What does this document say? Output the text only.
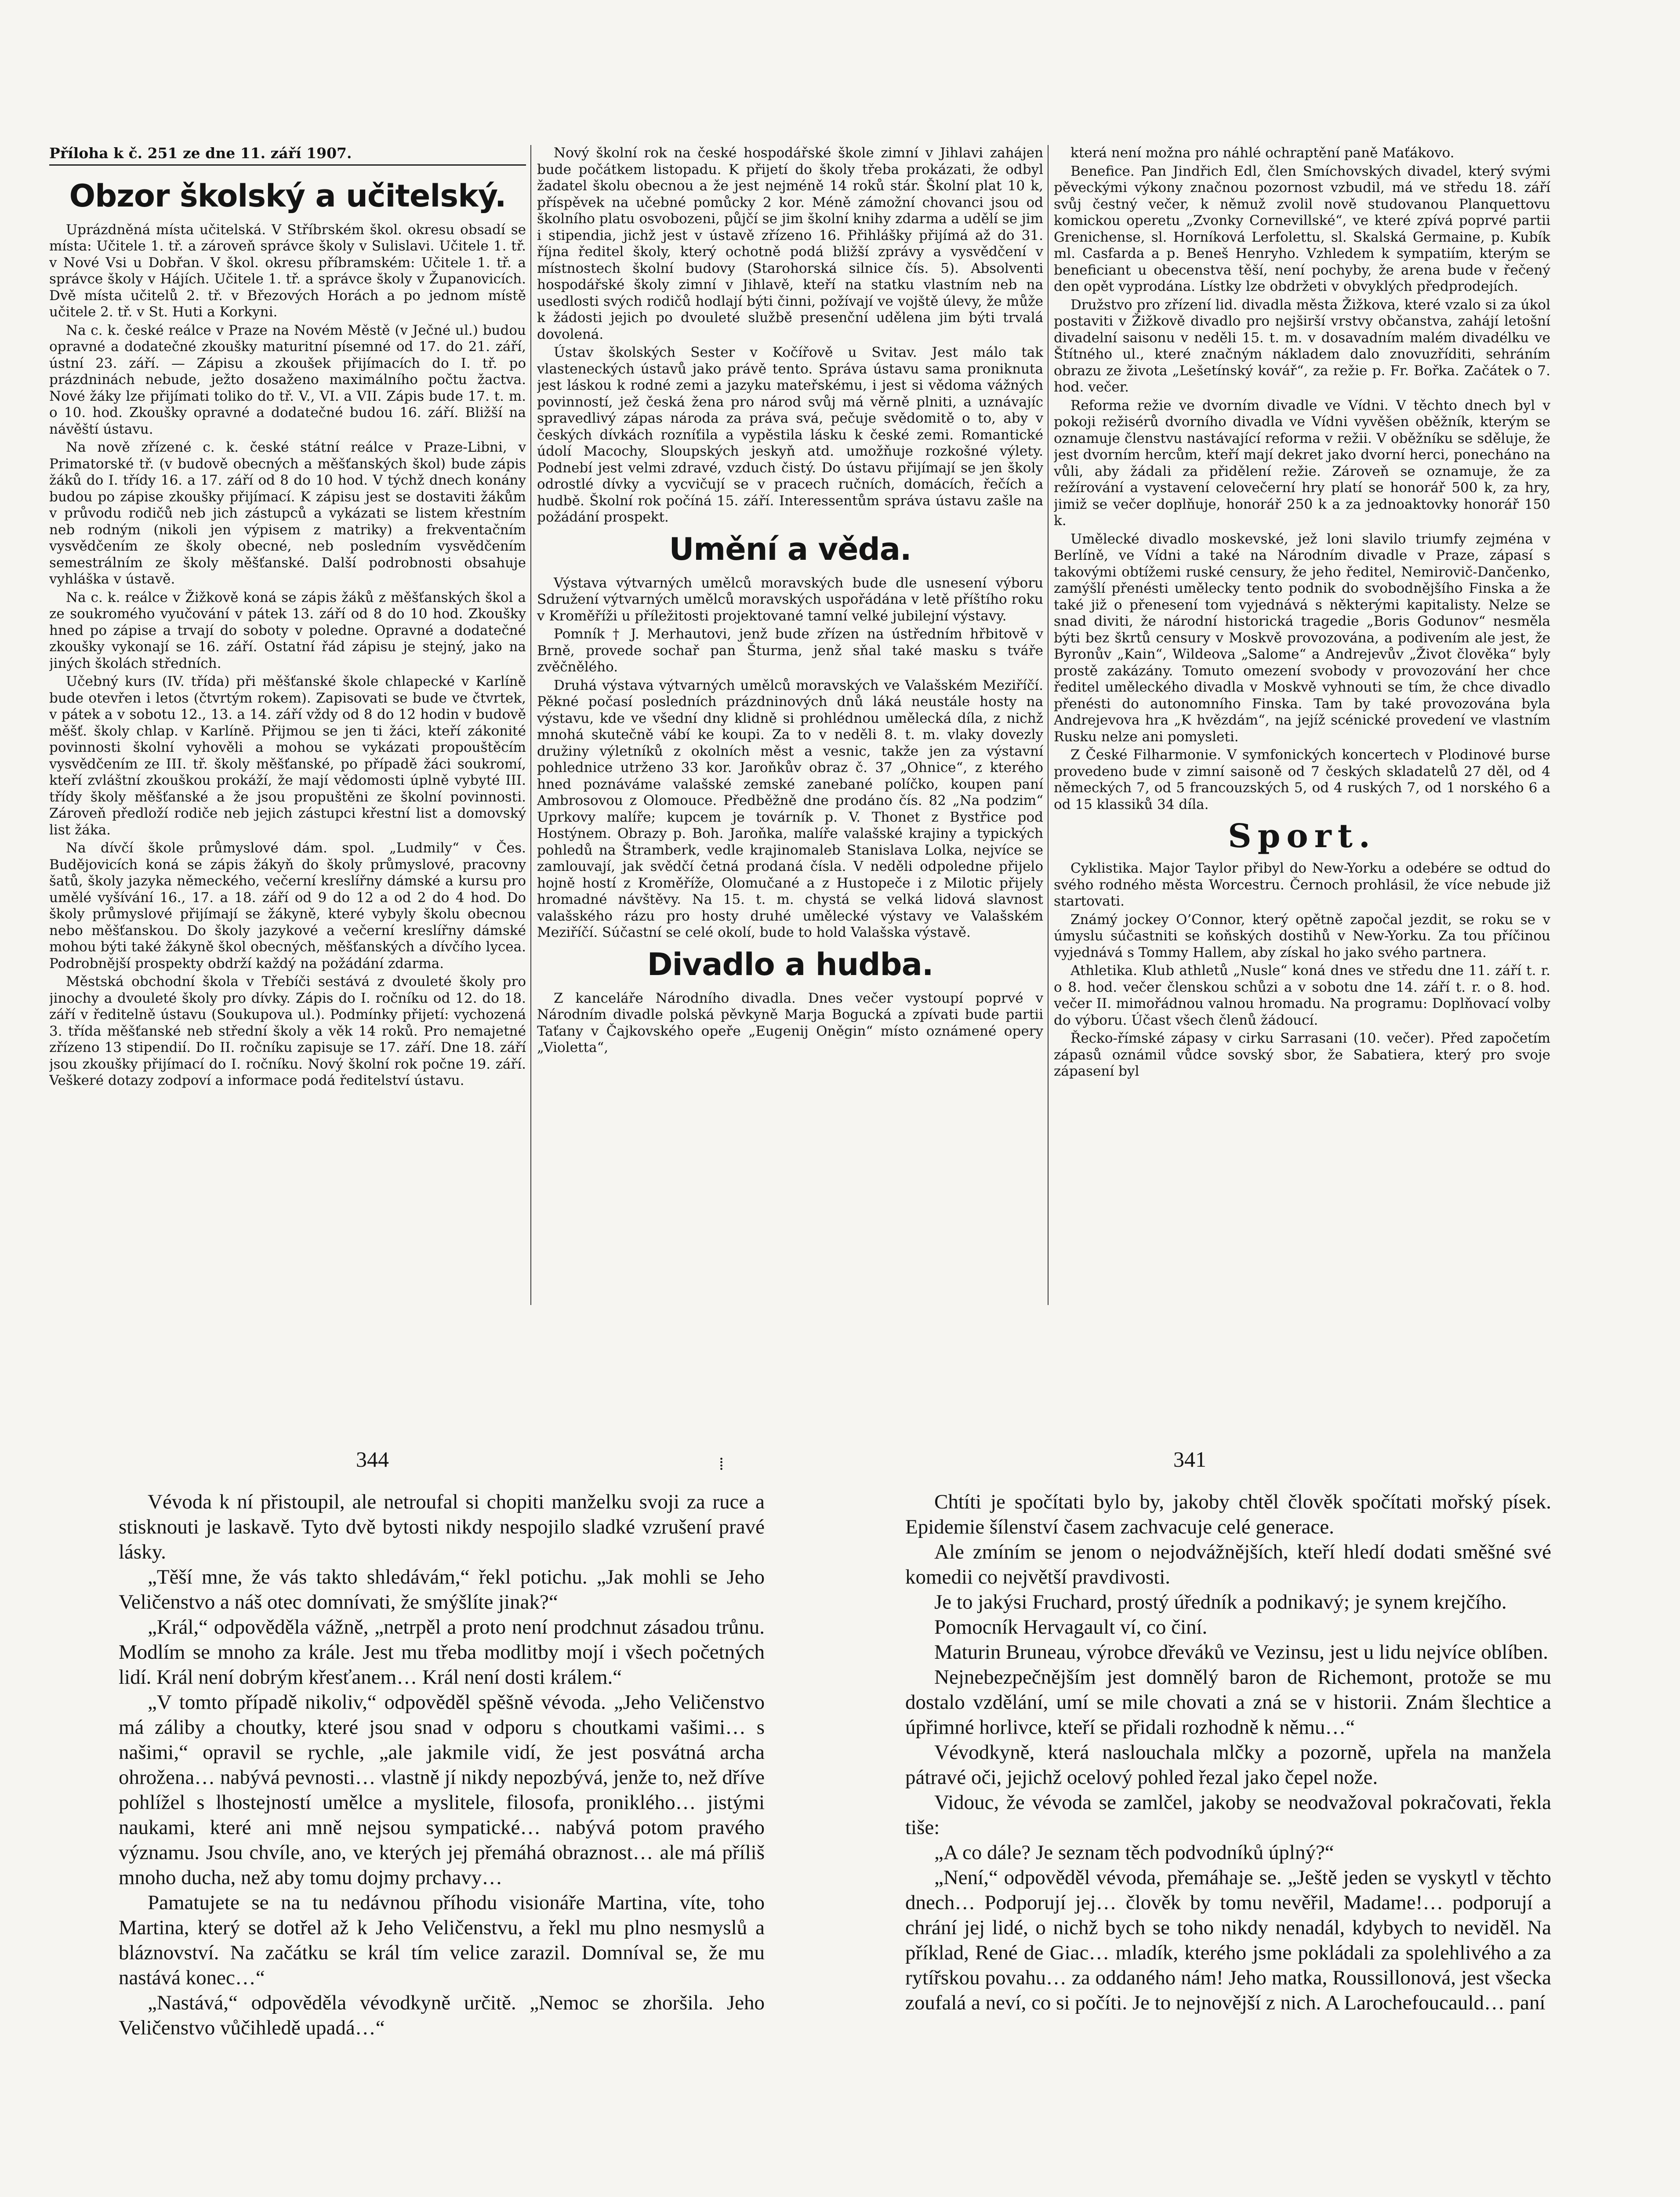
Příloha k č. 251 ze dne 11. září 1907.
Obzor školský a učitelský.

Uprázdněná místa učitelská. V Stříbrském škol. okresu obsadí se místa: Učitele 1. tř. a zároveň správce školy v Sulislavi. Učitele 1. tř. v Nové Vsi u Dobřan. V škol. okresu příbramském: Učitele 1. tř. a správce školy v Hájích. Učitele 1. tř. a správce školy v Županovicích. Dvě místa učitelů 2. tř. v Březových Horách a po jednom místě učitele 2. tř. v St. Huti a Korkyni.

Na c. k. české reálce v Praze na Novém Městě (v Ječné ul.) budou opravné a dodatečné zkoušky maturitní písemné od 17. do 21. září, ústní 23. září. — Zápisu a zkoušek přijímacích do I. tř. po prázdninách nebude, ježto dosaženo maximálního počtu žactva. Nové žáky lze přijímati toliko do tř. V., VI. a VII. Zápis bude 17. t. m. o 10. hod. Zkoušky opravné a dodatečné budou 16. září. Bližší na návěští ústavu.

Na nově zřízené c. k. české státní reálce v Praze-Libni, v Primatorské tř. (v budově obecných a měšťanských škol) bude zápis žáků do I. třídy 16. a 17. září od 8 do 10 hod. V týchž dnech konány budou po zápise zkoušky přijímací. K zápisu jest se dostaviti žákům v průvodu rodičů neb jich zástupců a vykázati se listem křestním neb rodným (nikoli jen výpisem z matriky) a frekventačním vysvědčením ze školy obecné, neb posledním vysvědčením semestrálním ze školy měšťanské. Další podrobnosti obsahuje vyhláška v ústavě.

Na c. k. reálce v Žižkově koná se zápis žáků z měšťanských škol a ze soukromého vyučování v pátek 13. září od 8 do 10 hod. Zkoušky hned po zápise a trvají do soboty v poledne. Opravné a dodatečné zkoušky vykonají se 16. září. Ostatní řád zápisu je stejný, jako na jiných školách středních.

Učebný kurs (IV. třída) při měšťanské škole chlapecké v Karlíně bude otevřen i letos (čtvrtým rokem). Zapisovati se bude ve čtvrtek, v pátek a v sobotu 12., 13. a 14. září vždy od 8 do 12 hodin v budově měšť. školy chlap. v Karlíně. Přijmou se jen ti žáci, kteří zákonité povinnosti školní vyhověli a mohou se vykázati propouštěcím vysvědčením ze III. tř. školy měšťanské, po případě žáci soukromí, kteří zvláštní zkouškou prokáží, že mají vědomosti úplně vybyté III. třídy školy měšťanské a že jsou propuštěni ze školní povinnosti. Zároveň předloží rodiče neb jejich zástupci křestní list a domovský list žáka.

Na dívčí škole průmyslové dám. spol. „Ludmily“ v Čes. Budějovicích koná se zápis žákyň do školy průmyslové, pracovny šatů, školy jazyka německého, večerní kreslířny dámské a kursu pro umělé vyšívání 16., 17. a 18. září od 9 do 12 a od 2 do 4 hod. Do školy průmyslové přijímají se žákyně, které vybyly školu obecnou nebo měšťanskou. Do školy jazykové a večerní kreslířny dámské mohou býti také žákyně škol obecných, měšťanských a dívčího lycea. Podrobnější prospekty obdrží každý na požádání zdarma.

Městská obchodní škola v Třebíči sestává z dvouleté školy pro jinochy a dvouleté školy pro dívky. Zápis do I. ročníku od 12. do 18. září v ředitelně ústavu (Soukupova ul.). Podmínky přijetí: vychozená 3. třída měšťanské neb střední školy a věk 14 roků. Pro nemajetné zřízeno 13 stipendií. Do II. ročníku zapisuje se 17. září. Dne 18. září jsou zkoušky přijímací do I. ročníku. Nový školní rok počne 19. září. Veškeré dotazy zodpoví a informace podá ředitelství ústavu.

Nový školní rok na české hospodářské škole zimní v Jihlavi zahájen bude počátkem listopadu. K přijetí do školy třeba prokázati, že odbyl žadatel školu obecnou a že jest nejméně 14 roků stár. Školní plat 10 k, příspěvek na učebné pomůcky 2 kor. Méně zámožní chovanci jsou od školního platu osvobozeni, půjčí se jim školní knihy zdarma a udělí se jim i stipendia, jichž jest v ústavě zřízeno 16. Přihlášky přijímá až do 31. října ředitel školy, který ochotně podá bližší zprávy a vysvědčení v místnostech školní budovy (Starohorská silnice čís. 5). Absolventi hospodářské školy zimní v Jihlavě, kteří na statku vlastním neb na usedlosti svých rodičů hodlají býti činni, požívají ve vojště úlevy, že může k žádosti jejich po dvouleté službě presenční udělena jim býti trvalá dovolená.

Ústav školských Sester v Kočířově u Svitav. Jest málo tak vlasteneckých ústavů jako právě tento. Správa ústavu sama proniknuta jest láskou k rodné zemi a jazyku mateřskému, i jest si vědoma vážných povinností, jež česká žena pro národ svůj má věrně plniti, a uznávajíc spravedlivý zápas národa za práva svá, pečuje svědomitě o to, aby v českých dívkách rozníťila a vypěstila lásku k české zemi. Romantické údolí Macochy, Sloupských jeskyň atd. umožňuje rozkošné výlety. Podnebí jest velmi zdravé, vzduch čistý. Do ústavu přijímají se jen školy odrostlé dívky a vycvičují se v pracech ručních, domácích, řečích a hudbě. Školní rok počíná 15. září. Interessentům správa ústavu zašle na požádání prospekt.

Umění a věda.

Výstava výtvarných umělců moravských bude dle usnesení výboru Sdružení výtvarných umělců moravských uspořádána v letě příštího roku v Kroměříži u příležitosti projektované tamní velké jubilejní výstavy.

Pomník † J. Merhautovi, jenž bude zřízen na ústředním hřbitově v Brně, provede sochař pan Šturma, jenž sňal také masku s tváře zvěčnělého.

Druhá výstava výtvarných umělců moravských ve Valašském Meziříčí. Pěkné počasí posledních prázdninových dnů láká neustále hosty na výstavu, kde ve všední dny klidně si prohlédnou umělecká díla, z nichž mnohá skutečně vábí ke koupi. Za to v neděli 8. t. m. vlaky dovezly družiny výletníků z okolních měst a vesnic, takže jen za výstavní pohlednice utrženo 33 kor. Jaroňkův obraz č. 37 „Ohnice“, z kterého hned poznáváme valašské zemské zanebané políčko, koupen paní Ambrosovou z Olomouce. Předběžně dne prodáno čís. 82 „Na podzim“ Uprkovy malíře; kupcem je továrník p. V. Thonet z Bystřice pod Hostýnem. Obrazy p. Boh. Jaroňka, malíře valašské krajiny a typických pohledů na Štramberk, vedle krajinomaleb Stanislava Lolka, nejvíce se zamlouvají, jak svědčí četná prodaná čísla. V neděli odpoledne přijelo hojně hostí z Kroměříže, Olomučané a z Hustopeče i z Milotic přijely hromadné návštěvy. Na 15. t. m. chystá se velká lidová slavnost valašského rázu pro hosty druhé umělecké výstavy ve Valašském Meziříčí. Súčastní se celé okolí, bude to hold Valašska výstavě.

Divadlo a hudba.

Z kanceláře Národního divadla. Dnes večer vystoupí poprvé v Národním divadle polská pěvkyně Marja Bogucká a zpívati bude partii Taťany v Čajkovského opeře „Eugenij Oněgin“ místo oznámené opery „Violetta“,

která není možna pro náhlé ochraptění paně Maťákovo.

Benefice. Pan Jindřich Edl, člen Smíchovských divadel, který svými pěveckými výkony značnou pozornost vzbudil, má ve středu 18. září svůj čestný večer, k němuž zvolil nově studovanou Planquettovu komickou operetu „Zvonky Cornevillské“, ve které zpívá poprvé partii Grenichense, sl. Horníková Lerfolettu, sl. Skalská Germaine, p. Kubík ml. Casfarda a p. Beneš Henryho. Vzhledem k sympatiím, kterým se beneficiant u obecenstva těší, není pochyby, že arena bude v řečený den opět vyprodána. Lístky lze obdržeti v obvyklých předprodejích.

Družstvo pro zřízení lid. divadla města Žižkova, které vzalo si za úkol postaviti v Žižkově divadlo pro nejširší vrstvy občanstva, zahájí letošní divadelní saisonu v neděli 15. t. m. v dosavadním malém divadélku ve Štítného ul., které značným nákladem dalo znovuzříditi, sehráním obrazu ze života „Lešetínský kovář“, za režie p. Fr. Bořka. Začátek o 7. hod. večer.

Reforma režie ve dvorním divadle ve Vídni. V těchto dnech byl v pokoji režisérů dvorního divadla ve Vídni vyvěšen oběžník, kterým se oznamuje členstvu nastávající reforma v režii. V oběžníku se sděluje, že jest dvorním hercům, kteří mají dekret jako dvorní herci, ponecháno na vůli, aby žádali za přidělení režie. Zároveň se oznamuje, že za režírování a vystavení celovečerní hry platí se honorář 500 k, za hry, jimiž se večer doplňuje, honorář 250 k a za jednoaktovky honorář 150 k.

Umělecké divadlo moskevské, jež loni slavilo triumfy zejména v Berlíně, ve Vídni a také na Národním divadle v Praze, zápasí s takovými obtížemi ruské censury, že jeho ředitel, Nemirovič-Dančenko, zamýšlí přenésti umělecky tento podnik do svobodnějšího Finska a že také již o přenesení tom vyjednává s některými kapitalisty. Nelze se snad diviti, že národní historická tragedie „Boris Godunov“ nesměla býti bez škrtů censury v Moskvě provozována, a podivením ale jest, že Byronův „Kain“, Wildeova „Salome“ a Andrejevův „Život člověka“ byly prostě zakázány. Tomuto omezení svobody v provozování her chce ředitel uměleckého divadla v Moskvě vyhnouti se tím, že chce divadlo přenésti do autonomního Finska. Tam by také provozována byla Andrejevova hra „K hvězdám“, na jejíž scénické provedení ve vlastním Rusku nelze ani pomysleti.

Z České Filharmonie. V symfonických koncertech v Plodinové burse provedeno bude v zimní saisoně od 7 českých skladatelů 27 děl, od 4 německých 7, od 5 francouzských 5, od 4 ruských 7, od 1 norského 6 a od 15 klassiků 34 díla.

Sport.

Cyklistika. Major Taylor přibyl do New-Yorku a odebére se odtud do svého rodného města Worcestru. Černoch prohlásil, že více nebude již startovati.

Známý jockey O’Connor, který opětně započal jezdit, se roku se v úmyslu súčastniti se koňských dostihů v New-Yorku. Za tou příčinou vyjednává s Tommy Hallem, aby získal ho jako svého partnera.

Athletika. Klub athletů „Nusle“ koná dnes ve středu dne 11. září t. r. o 8. hod. večer členskou schůzi a v sobotu dne 14. září t. r. o 8. hod. večer II. mimořádnou valnou hromadu. Na programu: Doplňovací volby do výboru. Účast všech členů žádoucí.

Řecko-římské zápasy v cirku Sarrasani (10. večer). Před započetím zápasů oznámil vůdce sovský sbor, že Sabatiera, který pro svoje zápasení byl

344	⁞	341

Vévoda k ní přistoupil, ale netroufal si chopiti manželku svoji za ruce a stisknouti je laskavě. Tyto dvě bytosti nikdy nespojilo sladké vzrušení pravé lásky.

„Těší mne, že vás takto shledávám,“ řekl potichu. „Jak mohli se Jeho Veličenstvo a náš otec domnívati, že smýšlíte jinak?“

„Král,“ odpověděla vážně, „netrpěl a proto není prodchnut zásadou trůnu. Modlím se mnoho za krále. Jest mu třeba modlitby mojí i všech početných lidí. Král není dobrým křesťanem… Král není dosti králem.“

„V tomto případě nikoliv,“ odpověděl spěšně vévoda. „Jeho Veličenstvo má záliby a choutky, které jsou snad v odporu s choutkami vašimi… s našimi,“ opravil se rychle, „ale jakmile vidí, že jest posvátná archa ohrožena… nabývá pevnosti… vlastně jí nikdy nepozbývá, jenže to, než dříve pohlížel s lhostejností umělce a myslitele, filosofa, proniklého… jistými naukami, které ani mně nejsou sympatické… nabývá potom pravého významu. Jsou chvíle, ano, ve kterých jej přemáhá obraznost… ale má příliš mnoho ducha, než aby tomu dojmy prchavy…

Pamatujete se na tu nedávnou příhodu visionáře Martina, víte, toho Martina, který se dotřel až k Jeho Veličenstvu, a řekl mu plno nesmyslů a bláznovství. Na začátku se král tím velice zarazil. Domníval se, že mu nastává konec…“

„Nastává,“ odpověděla vévodkyně určitě. „Nemoc se zhoršila. Jeho Veličenstvo vůčihledě upadá…“

Chtíti je spočítati bylo by, jakoby chtěl člověk spočítati mořský písek. Epidemie šílenství časem zachvacuje celé generace.

Ale zmíním se jenom o nejodvážnějších, kteří hledí dodati směšné své komedii co největší pravdivosti.

Je to jakýsi Fruchard, prostý úředník a podnikavý; je synem krejčího.

Pomocník Hervagault ví, co činí.

Maturin Bruneau, výrobce dřeváků ve Vezinsu, jest u lidu nejvíce oblíben.

Nejnebezpečnějším jest domnělý baron de Richemont, protože se mu dostalo vzdělání, umí se mile chovati a zná se v historii. Znám šlechtice a úpřimné horlivce, kteří se přidali rozhodně k němu…“

Vévodkyně, která naslouchala mlčky a pozorně, upřela na manžela pátravé oči, jejichž ocelový pohled řezal jako čepel nože.

Vidouc, že vévoda se zamlčel, jakoby se neodvažoval pokračovati, řekla tiše:

„A co dále? Je seznam těch podvodníků úplný?“

„Není,“ odpověděl vévoda, přemáhaje se. „Ještě jeden se vyskytl v těchto dnech… Podporují jej… člověk by tomu nevěřil, Madame!… podporují a chrání jej lidé, o nichž bych se toho nikdy nenadál, kdybych to neviděl. Na příklad, René de Giac… mladík, kterého jsme pokládali za spolehlivého a za rytířskou povahu… za oddaného nám! Jeho matka, Roussillonová, jest všecka zoufalá a neví, co si počíti. Je to nejnovější z nich. A Larochefoucauld… paní
